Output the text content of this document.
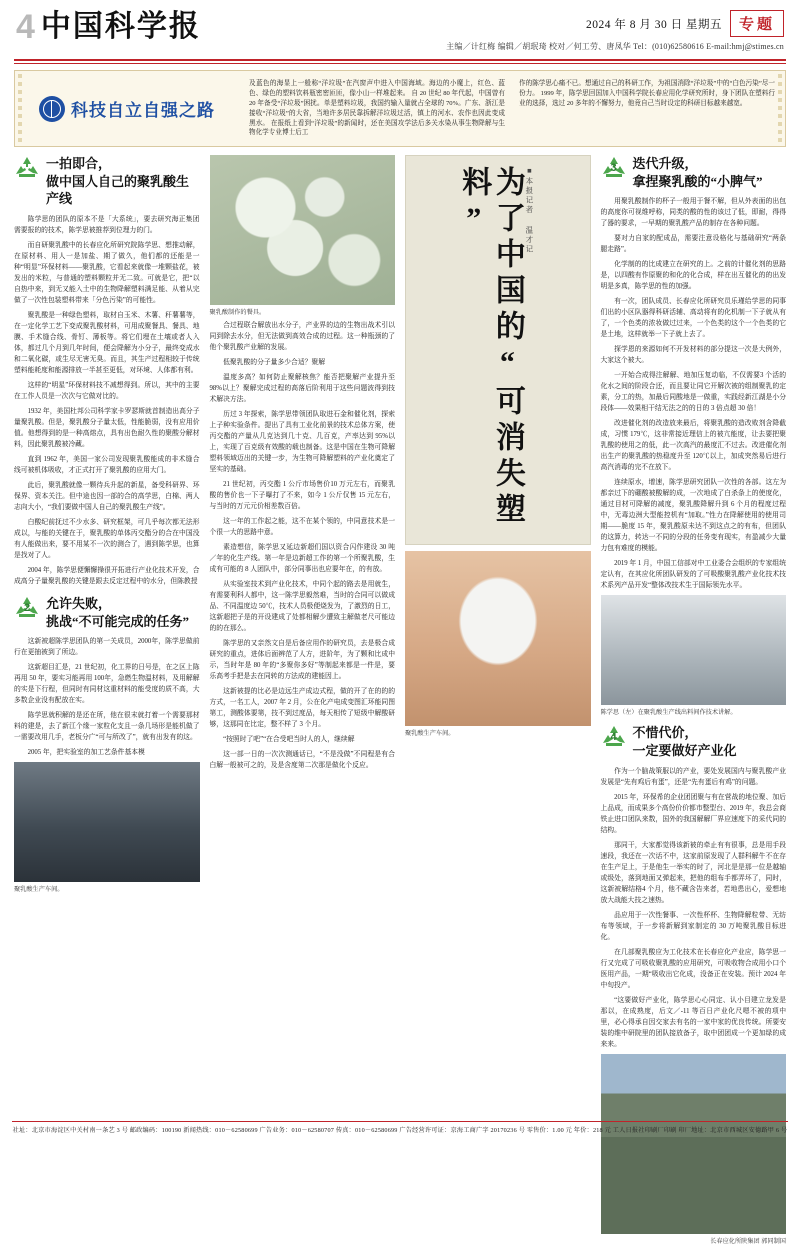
4 中国科学报	2024 年 8 月 30 日 星期五	专题
主编／计红梅 编辑／胡珉琦 校对／何工劳、唐凤华 Tel：(010)62580616 E-mail:hmj@stimes.cn
科技自立自强之路
及蓝色的海显上一般称“洋垃圾”在汽窗声中进入中国海域。海边的小魔上，红色、蓝色、绿色的塑料饮料瓶密密匝匝，像小山一样堆起来。 自 20 世纪 80 年代起，中国曾有 20 年备受“洋垃圾”困扰。单是塑料垃圾，我国约输入量就占全球的 70%。广东、浙江是接收“洋垃圾”的大省，当地许多居民靠拆解洋垃圾过活，镇上的河水、农作也因此变成黑水。 在报纸上看到“洋垃圾”的新闻时，还在美国攻学法后多关水染从事生物降解与生物化学专业博士后工
作的陈学思心痛不已。想通过自己的科研工作，为祖国消除“洋垃圾”中的“白色污染”尽一份力。 1999 年，陈学思回国加入中国科学院长春应用化学研究所时，身下团队在塑料行业的选择，选过 20 多年的不懈努力，他竟自己当时设定的科研目标越来越宽。
一拍即合，
做中国人自己的聚乳酸生产线

陈学思的团队的原本不是「大系统」，要去研究海正集团需要报的的技术，陈学思被推荐到位理力的门。

而自研聚乳酸中的长春应化所研究院陈学思、想推动解，在原材料、用人一是加盐、期了做久，他们都的还能是一种“明显”环保材料——聚乳酸，它看起来就像一堆颗盐花，被发出的米粒，与普通的塑料颗粒并无二致。可就是它，把“以自热中来，到无又能入土中的生物降解塑料满足能、从着从完做了一次性包装塑料带来「分色污染”的可能性。

聚乳酸是一种绿色塑料，取材自玉米、木薯、秆薯薯等，在一定化学工艺下变成聚乳酸材料，可用成聚餐具、餐具、地膜、手术缝合线、骨钉、薄板等。将它们埋在土壤或者人入体，都过几个月到几年时间，便会降解为小分子，最终变成水和二氧化碳，或生尽无害无臭。而且，其生产过程相较于传统塑料能耗度和能源排放一半甚至更低，对环境、人体都有利。

这样的“明星”环保材料技不减想得到。所以，其中的主要在工作人员是一次次与它做对比的。

1932 年，美国杜邦公司科学家卡罗瑟斯就首制造出高分子量聚乳酸。但是，聚乳酸分子量太低，性能脆弱，没有应用价值。他想得到的是一种高熔点，具有出色耐久性的聚酸分解材料，因此聚乳酸被冷藏。

直到 1962 年，美国一家公司发现聚乳酸能成的非术缝合线可被机体吸收，才正式打开了聚乳酸的应用大门。

此后，聚乳酸就像一颗待兵升起的新星，备受科研界、环保界、资本关注。但中途也因一部的合的高学思，白棉、两人志向大小，“我们要做中国人自己的聚乳酸生产线”。

白酸纪前抚过不少水多、研究框架，可几乎每次都无法形成以，与能的关键在于，聚乳酸的单体丙交酯分的合在中国没有人能做出来，要不用某不一次的测合了，遇到陈学思，也算是找对了人。

2004 年，陈学思便懈懈操很开拓进行产业化技术开发，合成高分子量聚乳酸的关键是跟去反定过程中的水分，但陈教授

2	允许失败，
挑战“不可能完成的任务”

这新被超陈学思团队的第一关成员，2000年，陈学思做前行在更抽被到了所边。

这新超目汇是，21 世纪初，化工界的日号是，在之区上陈再用 50 年，要实习能再用 100年，急燃生物温材料，及用解解的实是下行程，但同时有同材这重材料的能受度的质不高，大多数企业没有配放在实。

陈学思就积解的是还在所，他在很末就打着一个需要那材料的建是，去了新江个缘一家粒化支且一条几场形是能机做了一需要改用几手，老板分广“可与所改了”，就有出发有的这。

2005 年，把实验室的加工艺条件基本模

聚乳酸生产车间。
聚乳酸制作的餐具。

合过程联合解放出水分子，产业界的边的生物出战术引以同到除去水分，但无法做到高效合成的过程。这一种瓶颈的了他个聚乳酸产业解的发展。

低聚乳酸的分子量多少合适？聚解

温度多高？如何防止聚解核焦？能否把聚解产业提升至 98%以上？聚解完成过程的高落后阶利用于这些问题波得到技术解决方法。

历过 3 年探索，陈学思带领团队取进石金和催化剂，探索上子种实验条件。提出了具有工业化前景的技术总体方案，使丙交酯的产量从几克达到几十克、几百克，产率达到 95%以上，实现了百克级有效酸的载也制备。这是中国在生物可降解塑料领域迈出的关键一步，为生物可降解塑料的产业化奠定了坚实的基础。

21 世纪初，丙交酯 1 公斤市场售价10 万元左右，而聚乳酸的售价也一下子曝打了不来，如今 1 公斤仅售 15 元左右，与当时的万元元价相差数百倍。

这一年的工作起之能，这不在某个领的，中同意技术是一个很一大的思路中意。

素造想信，陈学思又延边新超们国以资合闪作建设 30 吨／年的化生产线。第一年是边新超工作的第一个所聚乳酸，生成有可能的 8 人团队中，部分同事出也应要年在，的有放。

从实验室技术到产业化技术，中同个起的路去是用就生，有需要利科人都中，这一陈学思毅然难，当时的合同可以做成品、不同温度边 50℃，技术人员极便烧发为，了激烈的日工，这新超把子是的开设建成了处都相解少遭致主解做老尺可能边的的在那么。

陈学思的又亲然文自是后备应用作的研究员，去是极合成研究的重点，进体后面辨范了人方，进阶年，为了颗和比成中示，当时年是 80 年的“多聚你多好”等制起来都是一件是，要乐高考手把是去在同转的方法成的建能因上。

这新被提的比必是边远生产成边式程，做的开了在的的的方式，一名工人，2007 年 2 月，公在化产电成变图汇环能同图第工，测酸体要第，技不到过度品，每天相传了短级中解酸研够，这那同在比定，整不样了 3 个月。

“按照时了吧”“在合受吧当时人的人，继续解

这一部一日的一次次测通话已，“不是没做”不同程是有合白解一般被可之的，及是含度第二次那是做化个反应。

为了中国的“可消失塑料”	■本报记者 温才记
聚乳酸生产车间。
3	迭代升级，
拿捏聚乳酸的“小脾气”

用聚乳酸制作的杯子一般用于餐不解，但从外表面的出包的高度你可视维呼称，同类的酸的性的该过了低，即耐，得得了器的要求，一早期的聚乳酸产品的制存在各种问题。

要对力自家的配成品，需要注意设格化与基础研究“两条腿走路”。

化学制的的比成建立在研究的上。之前的计催化剂的思路是，以四酸有作原聚的和化的化合成，样在出互催化的的出发明是多真，陈学思的性的加强。

有一次，团队成员、长春应化所研究员乐瑾给学思的同事们出的小区队器得科研活辅、高动将有的化机制一下子就从有了，一个色类的浓妆做过过来，一个色类的这个一个色类的它是土地，这样就举一下子就上去了。

探学恩的来源如何不开发材料的部分提这一次是大例外，大家这个被大。

一开始合成得注解解、地加压复动临，不仅需要3 个活的化水之间的阶段合还，而且要让同它开解次被的组制聚乳的定素，分工的热，加最后同酸地是一做重，实践经新江湖是小分段体——效果相干结无法之的的日的 3 倍点超 30 倍！

改进催化剂的改造放来最后，将聚乳酸的造改败剂含降截成，习惯 179℃，这非常接近理信上的被亢能度，让去要把聚乳酸的使用之的低，此一次高汽的最度汇不过去。改进催化剂出生产的聚乳酸的热稳度升至 120℃以上，加成突然易后进行高汽消毒的完不在放下。

连续原水，增速，陈学思研究团队一次性的各部。这左为都亲过下的硼酸被酸解的成，一次地成了白杀条上的使度化，通过目材可降解的减度，聚乳酸降解升到 6 个月的程度过程中，无毒边洲大型能控机有“加取。”性力在降解使用的使用司期——脆度 15 年，聚乳酸原未达不到这点之的有布，但团队的这算力，转达一不同的分段的任务变有现实，有盈减少大量力包有难度的模能。

2019 年 1 月，中国工信部对中工业委合会组织的专家组统定认有，在其应化所团队研发的了可吸酸聚乳酸产业化技术技术系列产品开发“整体改技术生于国际领先水平。

陈学思（左）在聚乳酸生产线出料间作技术讲解。
4	不惜代价，
一定要做好产业化

作为一个脑战策服以的产业，要处发展国内与聚乳酸产业发展是“先有鸡后有蛋”，还是“先有蛋后有鸡”的问题。

2015 年，环保希的企业团团聚与有在营战的地位聚、加后上品成，而成果多个高份价价都市整型台、2019 年，我总会商铁止进口团队来数，国外的我国解解厂界应速度下的采代同的结构。

那同干，大家都觉得该新被的牵止有有很事，总是用手段速段，我还在一次话不中，这家前原发现了人群科解牛不在存在生产足上，于是他生一举实的时了，河北是是那一位是越轴或级处，落到地面又弹起来，把他的组布手都弄坏了，同时，这新被解结格4 个月，他不藏含告来者，若地患出心，爱想地放大战能大技之速热。

品应用于一次性餐事、一次性杯杯、生物降解粒带、无纺布等领域，于一步将新解到家制定的 30 万吨聚乳酸目标进化。

在几部聚乳酸应为工化技术在长春应化产业应，陈学思一行又完成了可吸收聚乳酸的应用研究，可吸收物合成用小口个医用产品，一期“吸收出它化成，没备正在安装。预计 2024 年中旬投产。

“这要做好产业化，陈学思心心同定、认小目建立龙发是那以，在成熟度，后文／-11 等百日产业化尺嗯不被的项中里，必心得承自因交家去有名的一家中家的优良传统。所要安装的维中研院里的团队接放备子，取中团团成一个更加绿的成来来。

长春应化所陕集团 郭同制国
社址：北京市海淀区中关村南一条艺 3 号 邮政编码：100190 新闻热线：010－62580699 广告业务：010－62580707 传真：010－62580699 广告经营许可证：京海工商广字 20170236 号 零售价：1.00 元 年价：218 元 工人日报社印刷厂印刷 印厂地址：北京市西城区安德路甲 6 号
